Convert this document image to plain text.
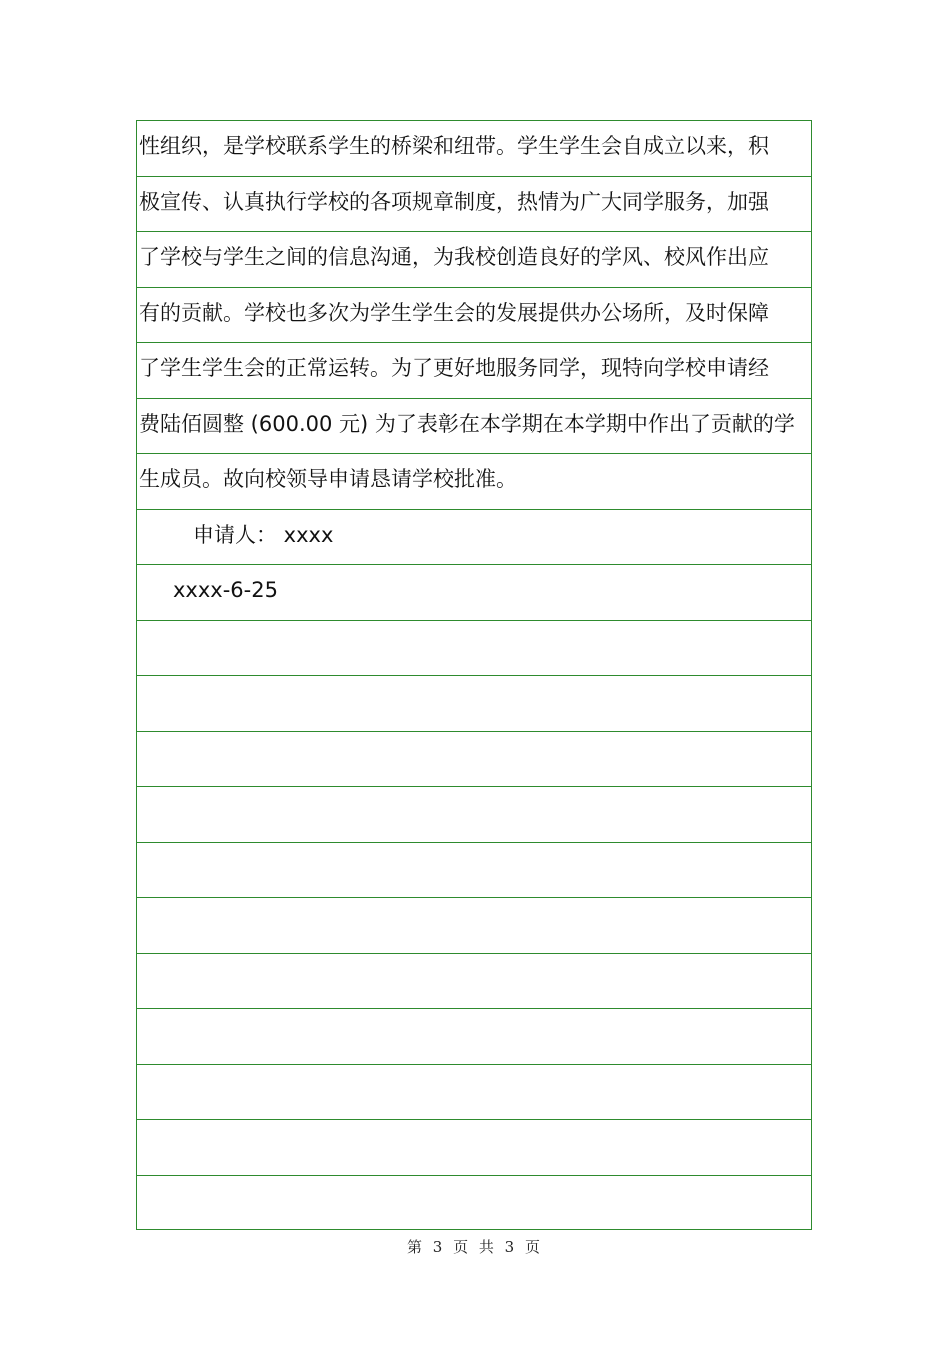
性组织，是学校联系学生的桥梁和纽带。学生学生会自成立以来，积
极宣传、认真执行学校的各项规章制度，热情为广大同学服务，加强
了学校与学生之间的信息沟通，为我校创造良好的学风、校风作出应
有的贡献。学校也多次为学生学生会的发展提供办公场所，及时保障
了学生学生会的正常运转。为了更好地服务同学，现特向学校申请经
费陆佰圆整 (600.00 元) 为了表彰在本学期在本学期中作出了贡献的学
生成员。故向校领导申请恳请学校批准。
申请人： xxxx
xxxx-6-25
第 3 页 共 3 页
